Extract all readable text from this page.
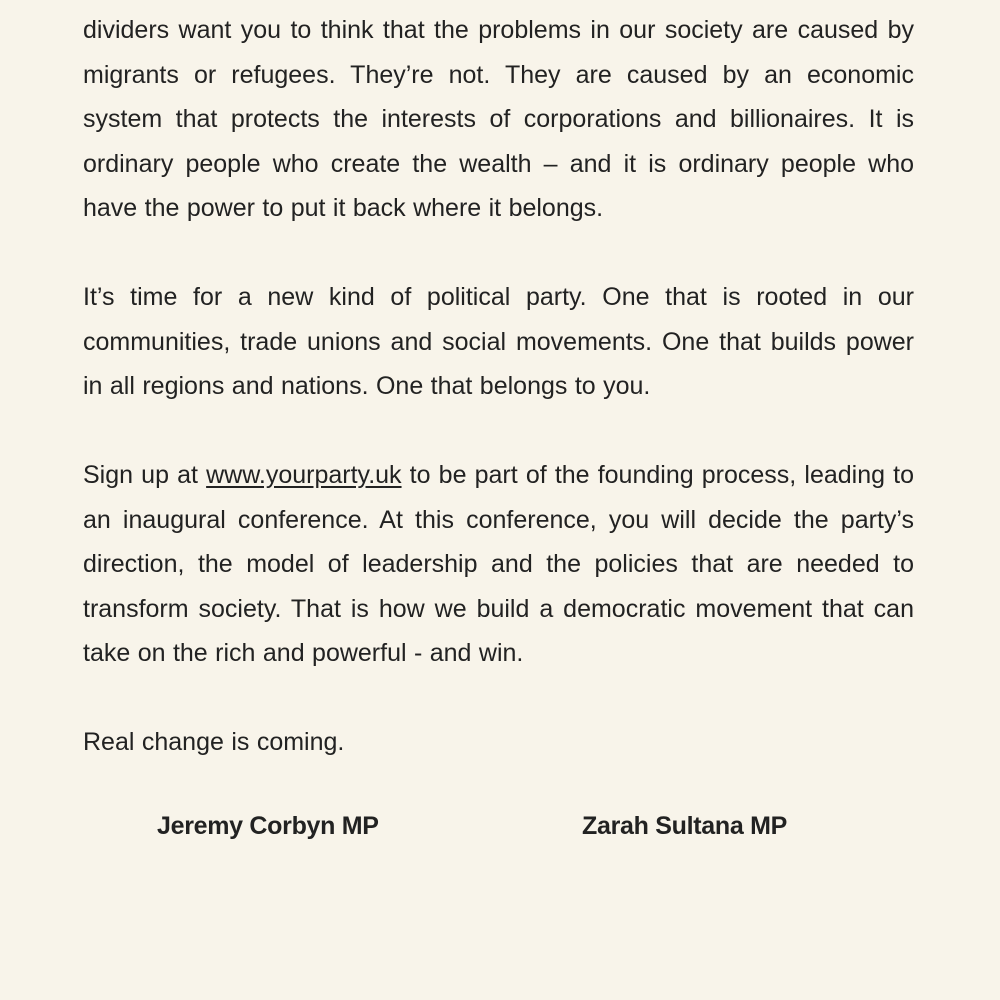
dividers want you to think that the problems in our society are caused by migrants or refugees. They’re not. They are caused by an economic system that protects the interests of corporations and billionaires. It is ordinary people who create the wealth – and it is ordinary people who have the power to put it back where it belongs.

It’s time for a new kind of political party. One that is rooted in our communities, trade unions and social movements. One that builds power in all regions and nations. One that belongs to you.

Sign up at www.yourparty.uk to be part of the founding process, leading to an inaugural conference. At this conference, you will decide the party’s direction, the model of leadership and the policies that are needed to transform society. That is how we build a democratic movement that can take on the rich and powerful - and win.

Real change is coming.

Jeremy Corbyn MP	Zarah Sultana MP
